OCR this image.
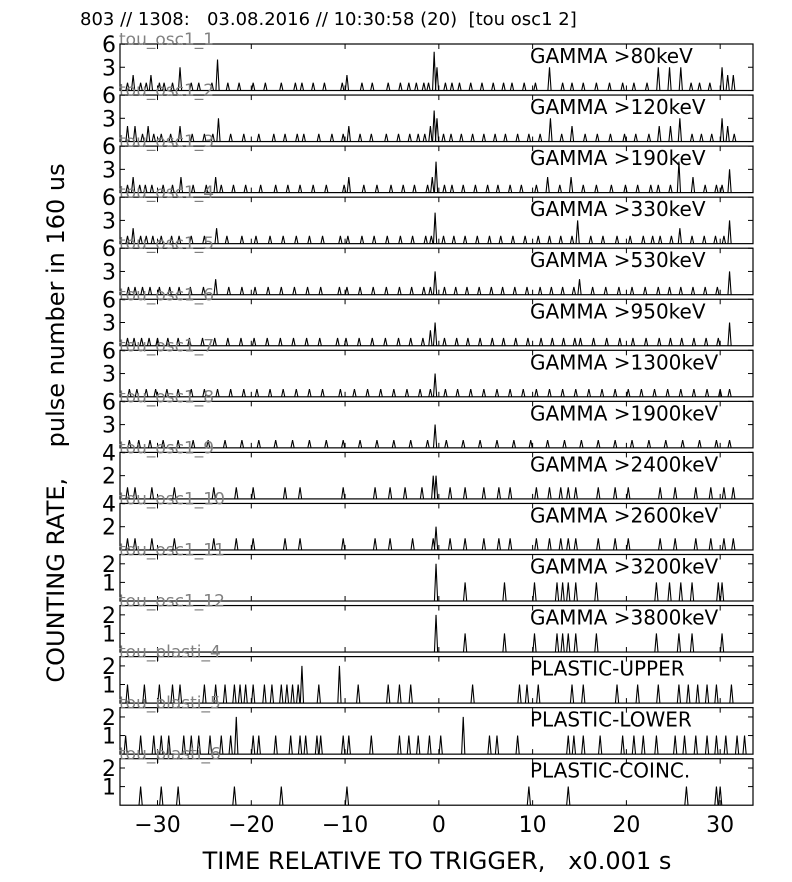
803 // 1308:   03.08.2016 // 10:30:58 (20)  [tou osc1 2]
COUNTING RATE,    pulse number in 160 us
TIME RELATIVE TO TRIGGER,   x0.001 s
tou_osc1_1
3
6	GAMMA >80keV
tou_osc1_2
3
6	GAMMA >120keV
tou_osc1_3
3
6	GAMMA >190keV
tou_osc1_4
3
6	GAMMA >330keV
tou_osc1_5
3
6	GAMMA >530keV
tou_osc1_6
3
6	GAMMA >950keV
tou_osc1_7
3
6	GAMMA >1300keV
tou_osc1_8
3
6	GAMMA >1900keV
tou_osc1_9
2
4	GAMMA >2400keV
tou_osc1_10
2
4	GAMMA >2600keV
tou_osc1_11
1
2	GAMMA >3200keV
tou_osc1_12
1
2	GAMMA >3800keV
tou_plasti_4
1
2	PLASTIC-UPPER
tou_plasti_5
1
2	PLASTIC-LOWER
tou_plasti_6
1
2	PLASTIC-COINC.
−30 −20 −10	0	10	20	30
